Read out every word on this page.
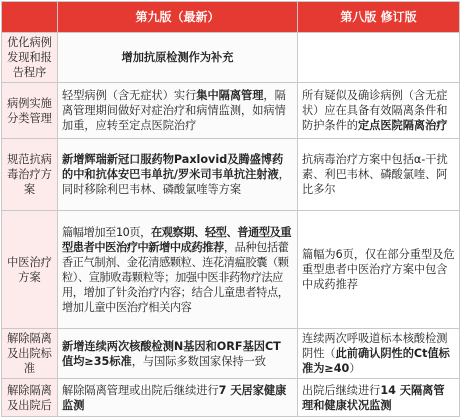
	第九版（最新）	第八版 修订版
优化病例发现和报告程序	增加抗原检测作为补充	
病例实施分类管理	轻型病例（含无症状）实行集中隔离管理，隔离管理期间做好对症治疗和病情监测，如病情加重，应转至定点医院治疗	所有疑似及确诊病例（含无症状）应在具备有效隔离条件和防护条件的定点医院隔离治疗
规范抗病毒治疗方案	新增辉瑞新冠口服药物Paxlovid及腾盛博药的中和抗体安巴韦单抗/罗米司韦单抗注射液，同时移除利巴韦林、磷酸氯喹等方案	抗病毒治疗方案中包括α-干扰素、利巴韦林、磷酸氯喹、阿比多尔
中医治疗方案	篇幅增加至10页，在观察期、轻型、普通型及重型患者中医治疗中新增中成药推荐，品种包括藿香正气制剂、金花清感颗粒、连花清瘟胶囊（颗粒）、宣肺败毒颗粒等；加强中医非药物疗法应用，增加了针灸治疗内容；结合儿童患者特点，增加儿童中医治疗相关内容	篇幅为6页，仅在部分重型及危重型患者中医治疗方案中包含中成药推荐
解除隔离及出院标准	新增连续两次核酸检测N基因和ORF基因CT 值均≥35标准，与国际多数国家保持一致	连续两次呼吸道标本核酸检测阴性（此前确认阴性的Ct值标准为≥40）
解除隔离及出院后	解除隔离管理或出院后继续进行7 天居家健康监测	出院后继续进行14 天隔离管理和健康状况监测
